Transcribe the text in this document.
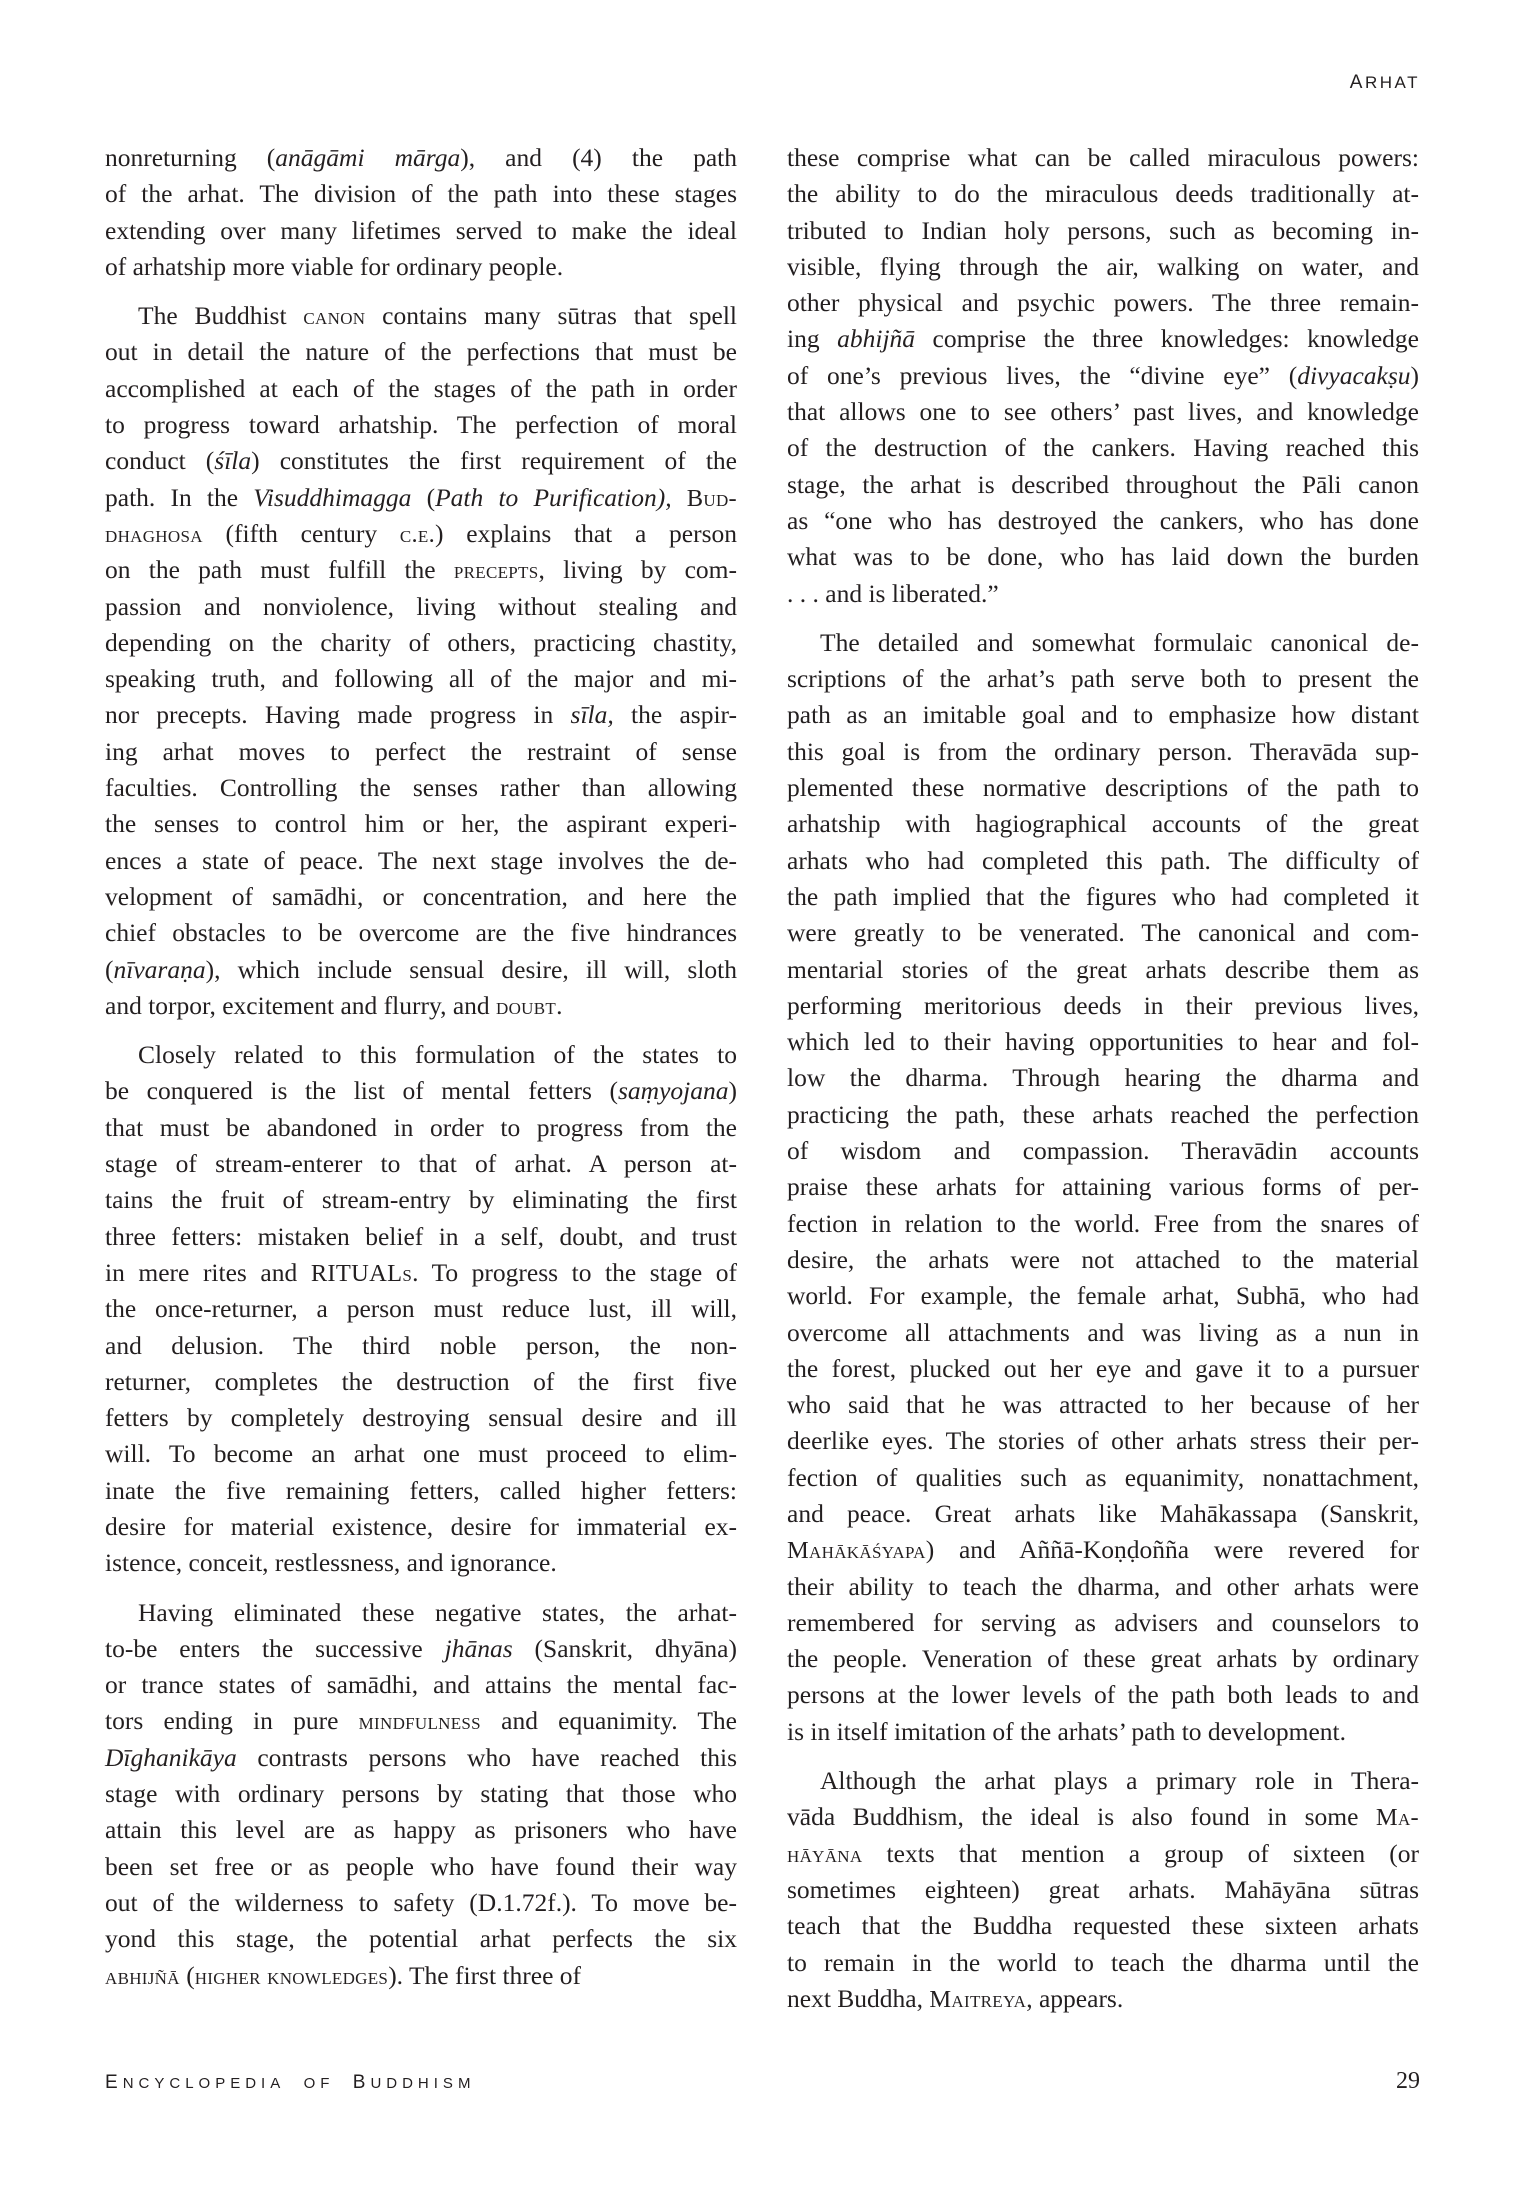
ARHAT
nonreturning (anāgāmi mārga), and (4) the path
of the arhat. The division of the path into these stages
extending over many lifetimes served to make the ideal
of arhatship more viable for ordinary people.
The Buddhist canon contains many sūtras that spell
out in detail the nature of the perfections that must be
accomplished at each of the stages of the path in order
to progress toward arhatship. The perfection of moral
conduct (śīla) constitutes the first requirement of the
path. In the Visuddhimagga (Path to Purification), Bud-
dhaghosa (fifth century c.e.) explains that a person
on the path must fulfill the precepts, living by com-
passion and nonviolence, living without stealing and
depending on the charity of others, practicing chastity,
speaking truth, and following all of the major and mi-
nor precepts. Having made progress in sīla, the aspir-
ing arhat moves to perfect the restraint of sense
faculties. Controlling the senses rather than allowing
the senses to control him or her, the aspirant experi-
ences a state of peace. The next stage involves the de-
velopment of samādhi, or concentration, and here the
chief obstacles to be overcome are the five hindrances
(nīvaraṇa), which include sensual desire, ill will, sloth
and torpor, excitement and flurry, and doubt.
Closely related to this formulation of the states to
be conquered is the list of mental fetters (saṃyojana)
that must be abandoned in order to progress from the
stage of stream-enterer to that of arhat. A person at-
tains the fruit of stream-entry by eliminating the first
three fetters: mistaken belief in a self, doubt, and trust
in mere rites and RITUALs. To progress to the stage of
the once-returner, a person must reduce lust, ill will,
and delusion. The third noble person, the non-
returner, completes the destruction of the first five
fetters by completely destroying sensual desire and ill
will. To become an arhat one must proceed to elim-
inate the five remaining fetters, called higher fetters:
desire for material existence, desire for immaterial ex-
istence, conceit, restlessness, and ignorance.
Having eliminated these negative states, the arhat-
to-be enters the successive jhānas (Sanskrit, dhyāna)
or trance states of samādhi, and attains the mental fac-
tors ending in pure mindfulness and equanimity. The
Dīghanikāya contrasts persons who have reached this
stage with ordinary persons by stating that those who
attain this level are as happy as prisoners who have
been set free or as people who have found their way
out of the wilderness to safety (D.1.72f.). To move be-
yond this stage, the potential arhat perfects the six
abhijñā (higher knowledges). The first three of
these comprise what can be called miraculous powers:
the ability to do the miraculous deeds traditionally at-
tributed to Indian holy persons, such as becoming in-
visible, flying through the air, walking on water, and
other physical and psychic powers. The three remain-
ing abhijñā comprise the three knowledges: knowledge
of one’s previous lives, the “divine eye” (divyacakṣu)
that allows one to see others’ past lives, and knowledge
of the destruction of the cankers. Having reached this
stage, the arhat is described throughout the Pāli canon
as “one who has destroyed the cankers, who has done
what was to be done, who has laid down the burden
. . . and is liberated.”
The detailed and somewhat formulaic canonical de-
scriptions of the arhat’s path serve both to present the
path as an imitable goal and to emphasize how distant
this goal is from the ordinary person. Theravāda sup-
plemented these normative descriptions of the path to
arhatship with hagiographical accounts of the great
arhats who had completed this path. The difficulty of
the path implied that the figures who had completed it
were greatly to be venerated. The canonical and com-
mentarial stories of the great arhats describe them as
performing meritorious deeds in their previous lives,
which led to their having opportunities to hear and fol-
low the dharma. Through hearing the dharma and
practicing the path, these arhats reached the perfection
of wisdom and compassion. Theravādin accounts
praise these arhats for attaining various forms of per-
fection in relation to the world. Free from the snares of
desire, the arhats were not attached to the material
world. For example, the female arhat, Subhā, who had
overcome all attachments and was living as a nun in
the forest, plucked out her eye and gave it to a pursuer
who said that he was attracted to her because of her
deerlike eyes. The stories of other arhats stress their per-
fection of qualities such as equanimity, nonattachment,
and peace. Great arhats like Mahākassapa (Sanskrit,
Mahākāśyapa) and Aññā-Koṇḍoñña were revered for
their ability to teach the dharma, and other arhats were
remembered for serving as advisers and counselors to
the people. Veneration of these great arhats by ordinary
persons at the lower levels of the path both leads to and
is in itself imitation of the arhats’ path to development.
Although the arhat plays a primary role in Thera-
vāda Buddhism, the ideal is also found in some Ma-
hāyāna texts that mention a group of sixteen (or
sometimes eighteen) great arhats. Mahāyāna sūtras
teach that the Buddha requested these sixteen arhats
to remain in the world to teach the dharma until the
next Buddha, Maitreya, appears.
ENCYCLOPEDIA OF BUDDHISM	29
